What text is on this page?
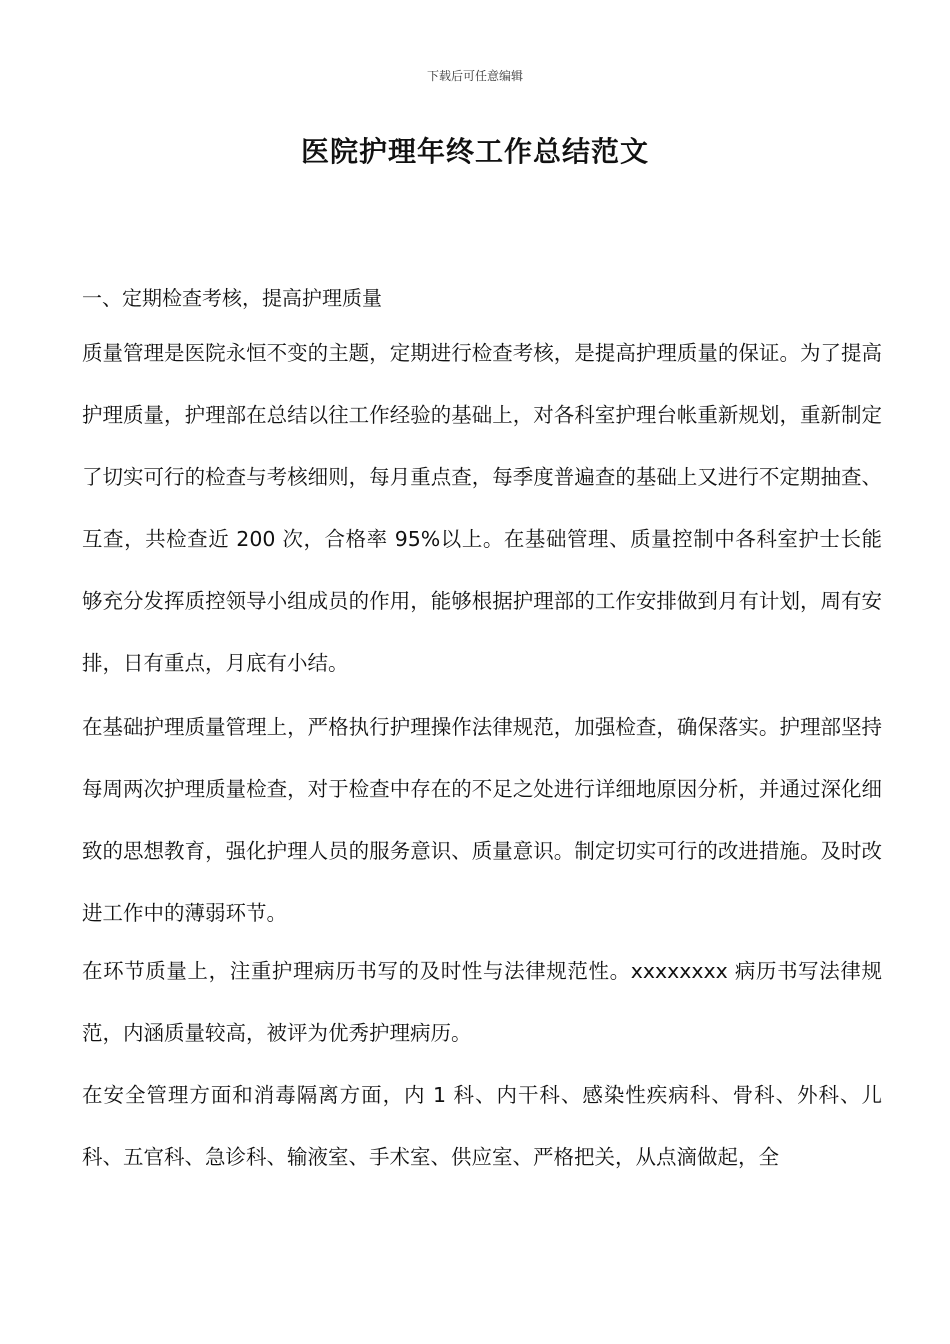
下载后可任意编辑
医院护理年终工作总结范文
一、定期检查考核，提高护理质量

质量管理是医院永恒不变的主题，定期进行检查考核，是提高护理质量的保证。为了提高护理质量，护理部在总结以往工作经验的基础上，对各科室护理台帐重新规划，重新制定了切实可行的检查与考核细则，每月重点查，每季度普遍查的基础上又进行不定期抽查、互查，共检查近 200 次，合格率 95%以上。在基础管理、质量控制中各科室护士长能够充分发挥质控领导小组成员的作用，能够根据护理部的工作安排做到月有计划，周有安排，日有重点，月底有小结。

在基础护理质量管理上，严格执行护理操作法律规范，加强检查，确保落实。护理部坚持每周两次护理质量检查，对于检查中存在的不足之处进行详细地原因分析，并通过深化细致的思想教育，强化护理人员的服务意识、质量意识。制定切实可行的改进措施。及时改进工作中的薄弱环节。

在环节质量上，注重护理病历书写的及时性与法律规范性。xxxxxxxx 病历书写法律规范，内涵质量较高，被评为优秀护理病历。

在安全管理方面和消毒隔离方面，内 1 科、内干科、感染性疾病科、骨科、外科、儿科、五官科、急诊科、输液室、手术室、供应室、严格把关，从点滴做起，全
